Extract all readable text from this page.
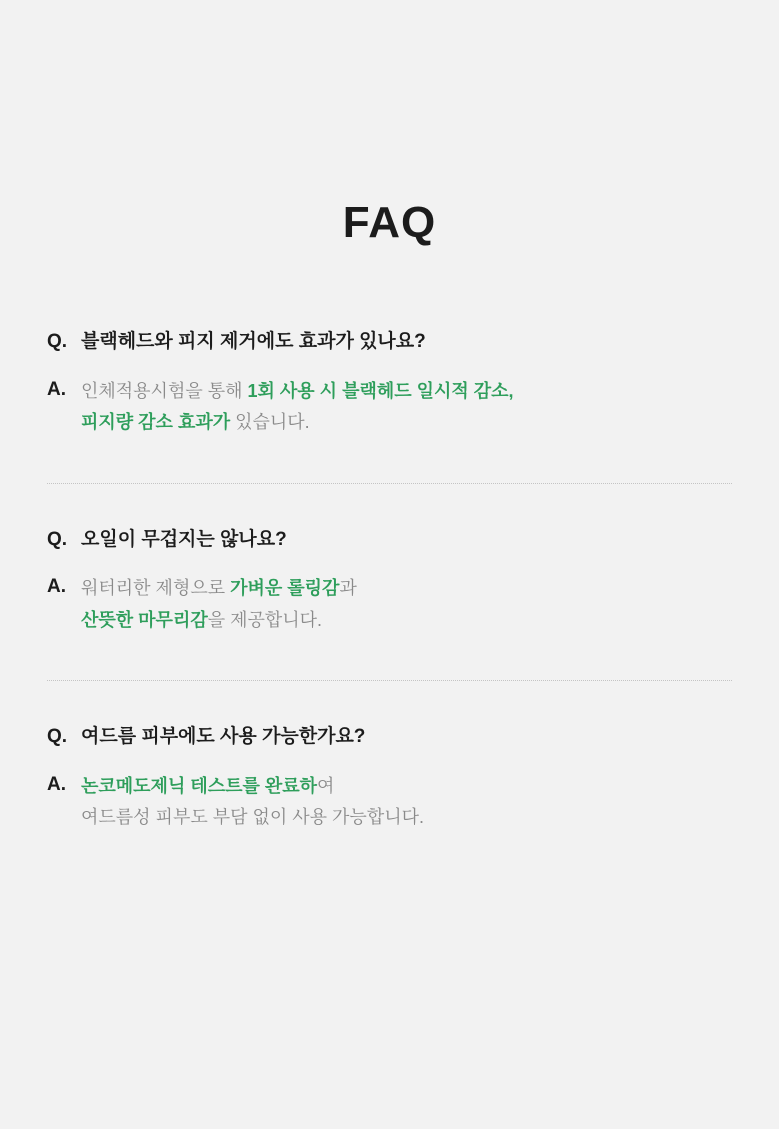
FAQ
Q. 블랙헤드와 피지 제거에도 효과가 있나요?
A. 인체적용시험을 통해 1회 사용 시 블랙헤드 일시적 감소,
피지량 감소 효과가 있습니다.
Q. 오일이 무겁지는 않나요?
A. 워터리한 제형으로 가벼운 롤링감과
산뜻한 마무리감을 제공합니다.
Q. 여드름 피부에도 사용 가능한가요?
A. 논코메도제닉 테스트를 완료하여
여드름성 피부도 부담 없이 사용 가능합니다.
